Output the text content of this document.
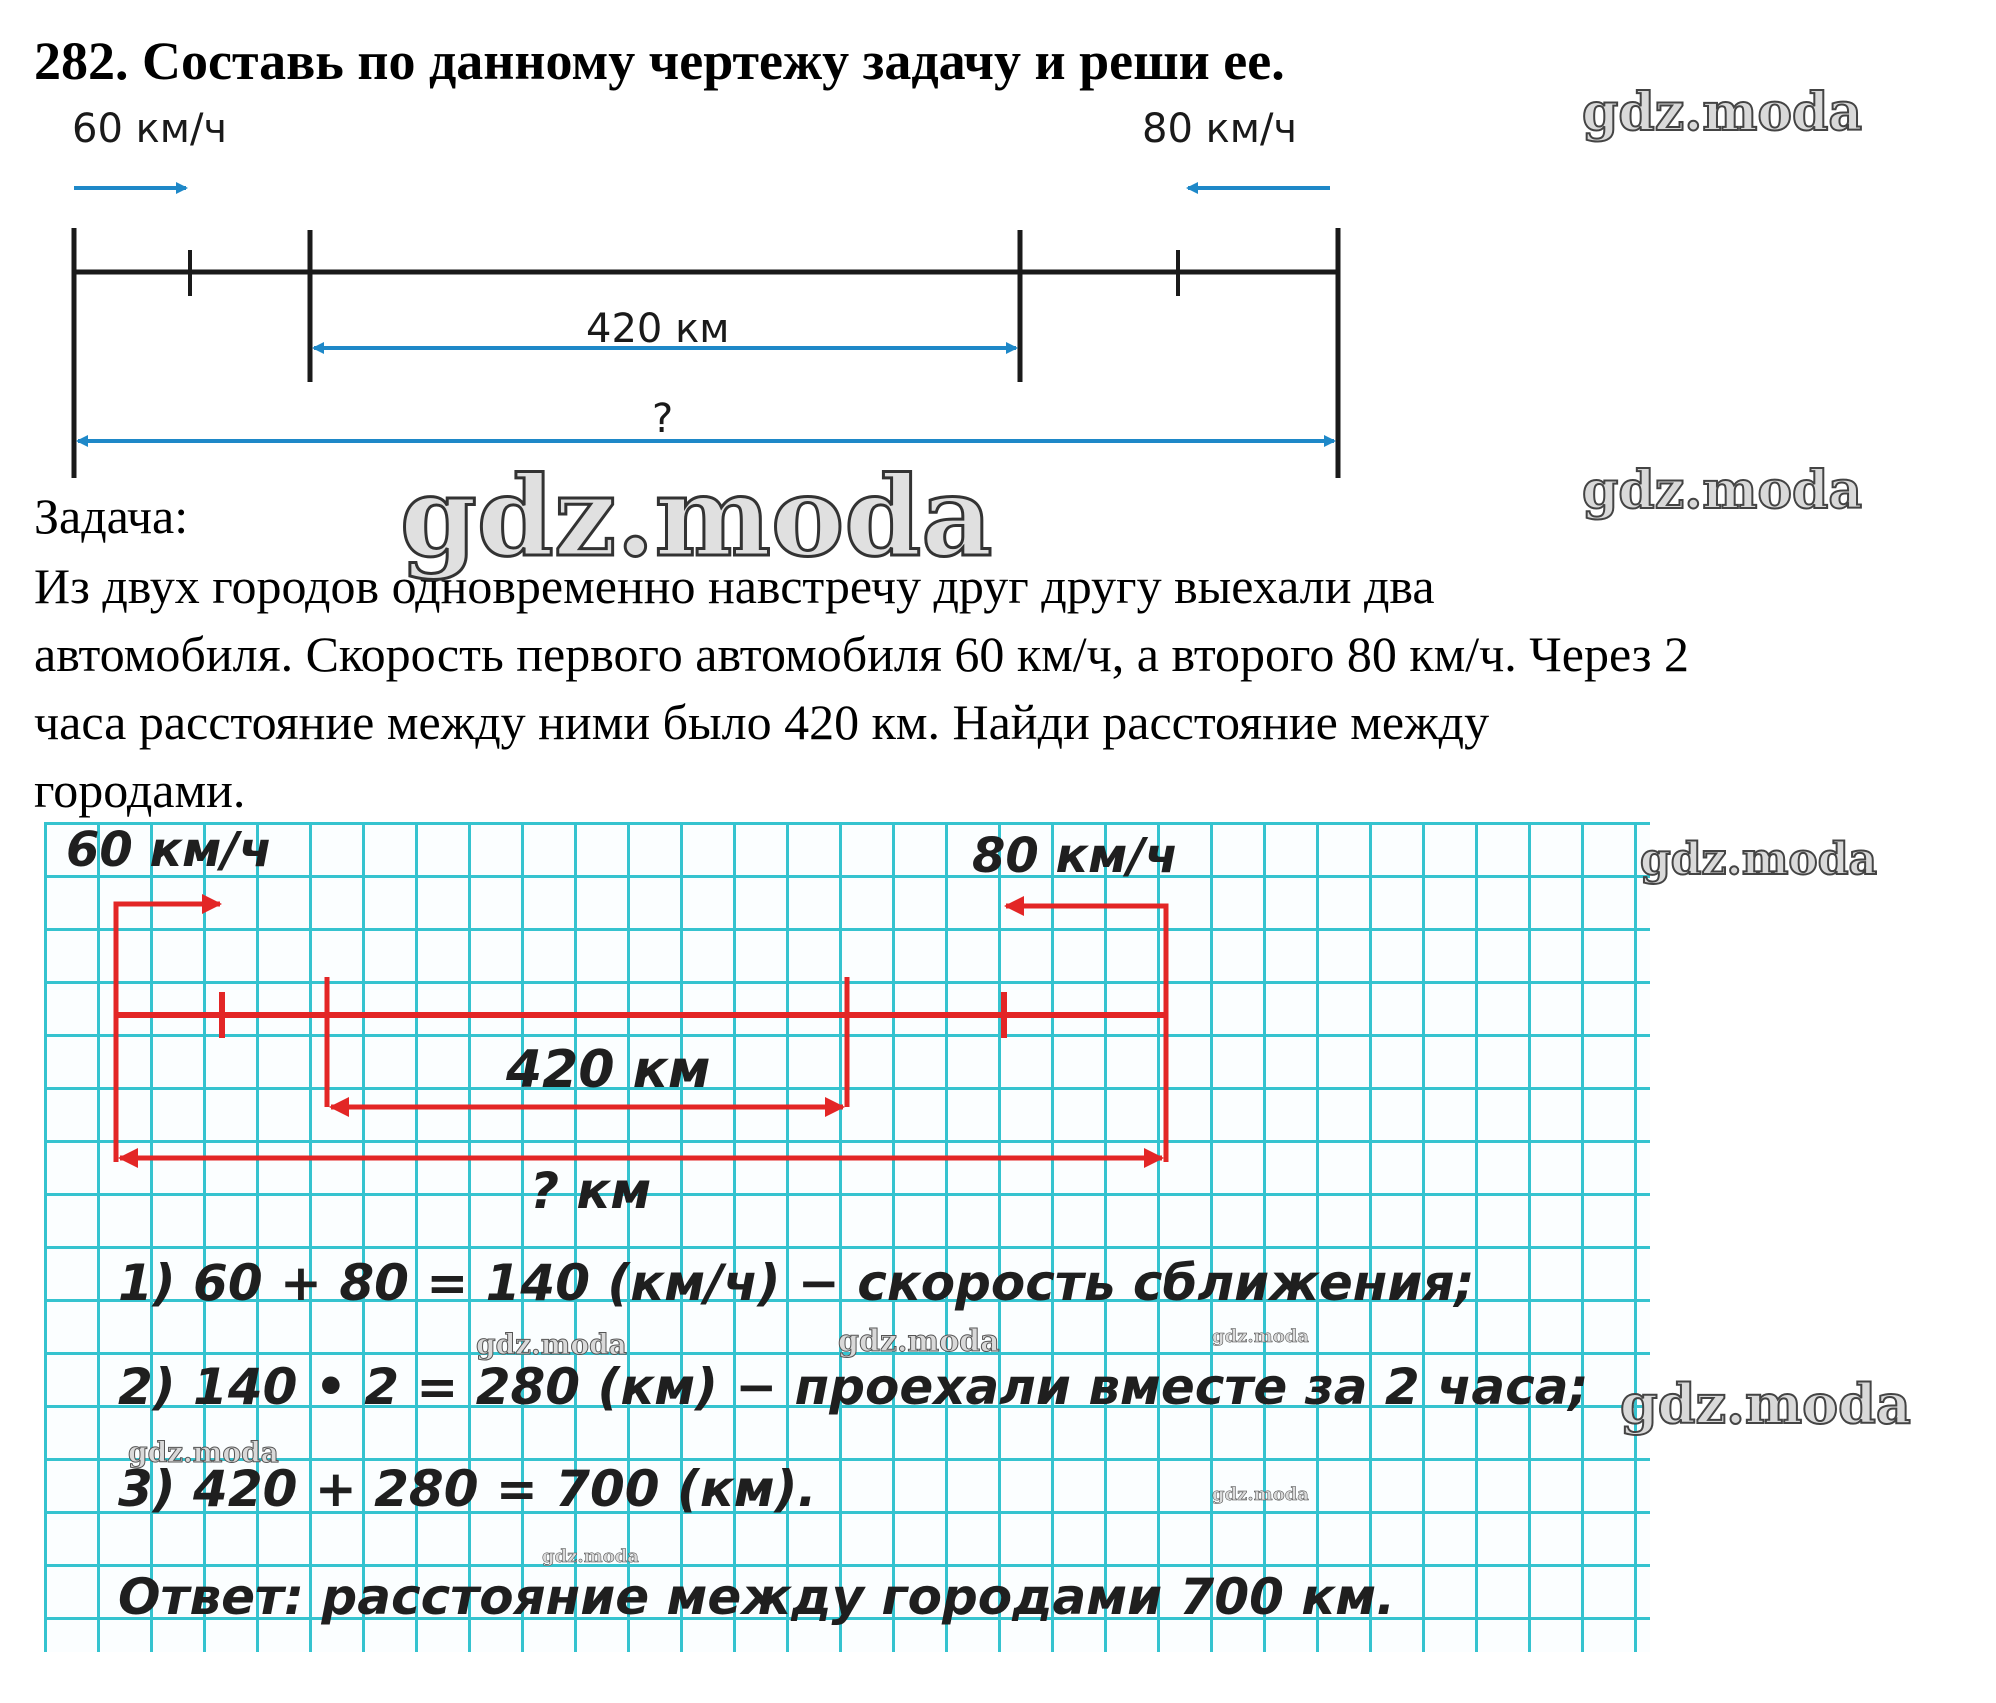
282. Составь по данному чертежу задачу и реши ее.
60 км/ч	80 км/ч
420 км
?
Задача:
Из двух городов одновременно навстречу друг другу выехали два
автомобиля. Скорость первого автомобиля 60 км/ч, а второго 80 км/ч. Через 2
часа расстояние между ними было 420 км. Найди расстояние между
городами.
60 км/ч	80 км/ч
420 км
? км
1) 60 + 80 = 140 (км/ч) − скорость сближения;
2) 140 • 2 = 280 (км) − проехали вместе за 2 часа;
3) 420 + 280 = 700 (км).
Ответ: расстояние между городами 700 км.
gdz.moda
gdz.moda
gdz.moda
gdz.moda
gdz.moda
gdz.moda	gdz.moda	gdz.moda
gdz.moda
gdz.moda
gdz.moda
